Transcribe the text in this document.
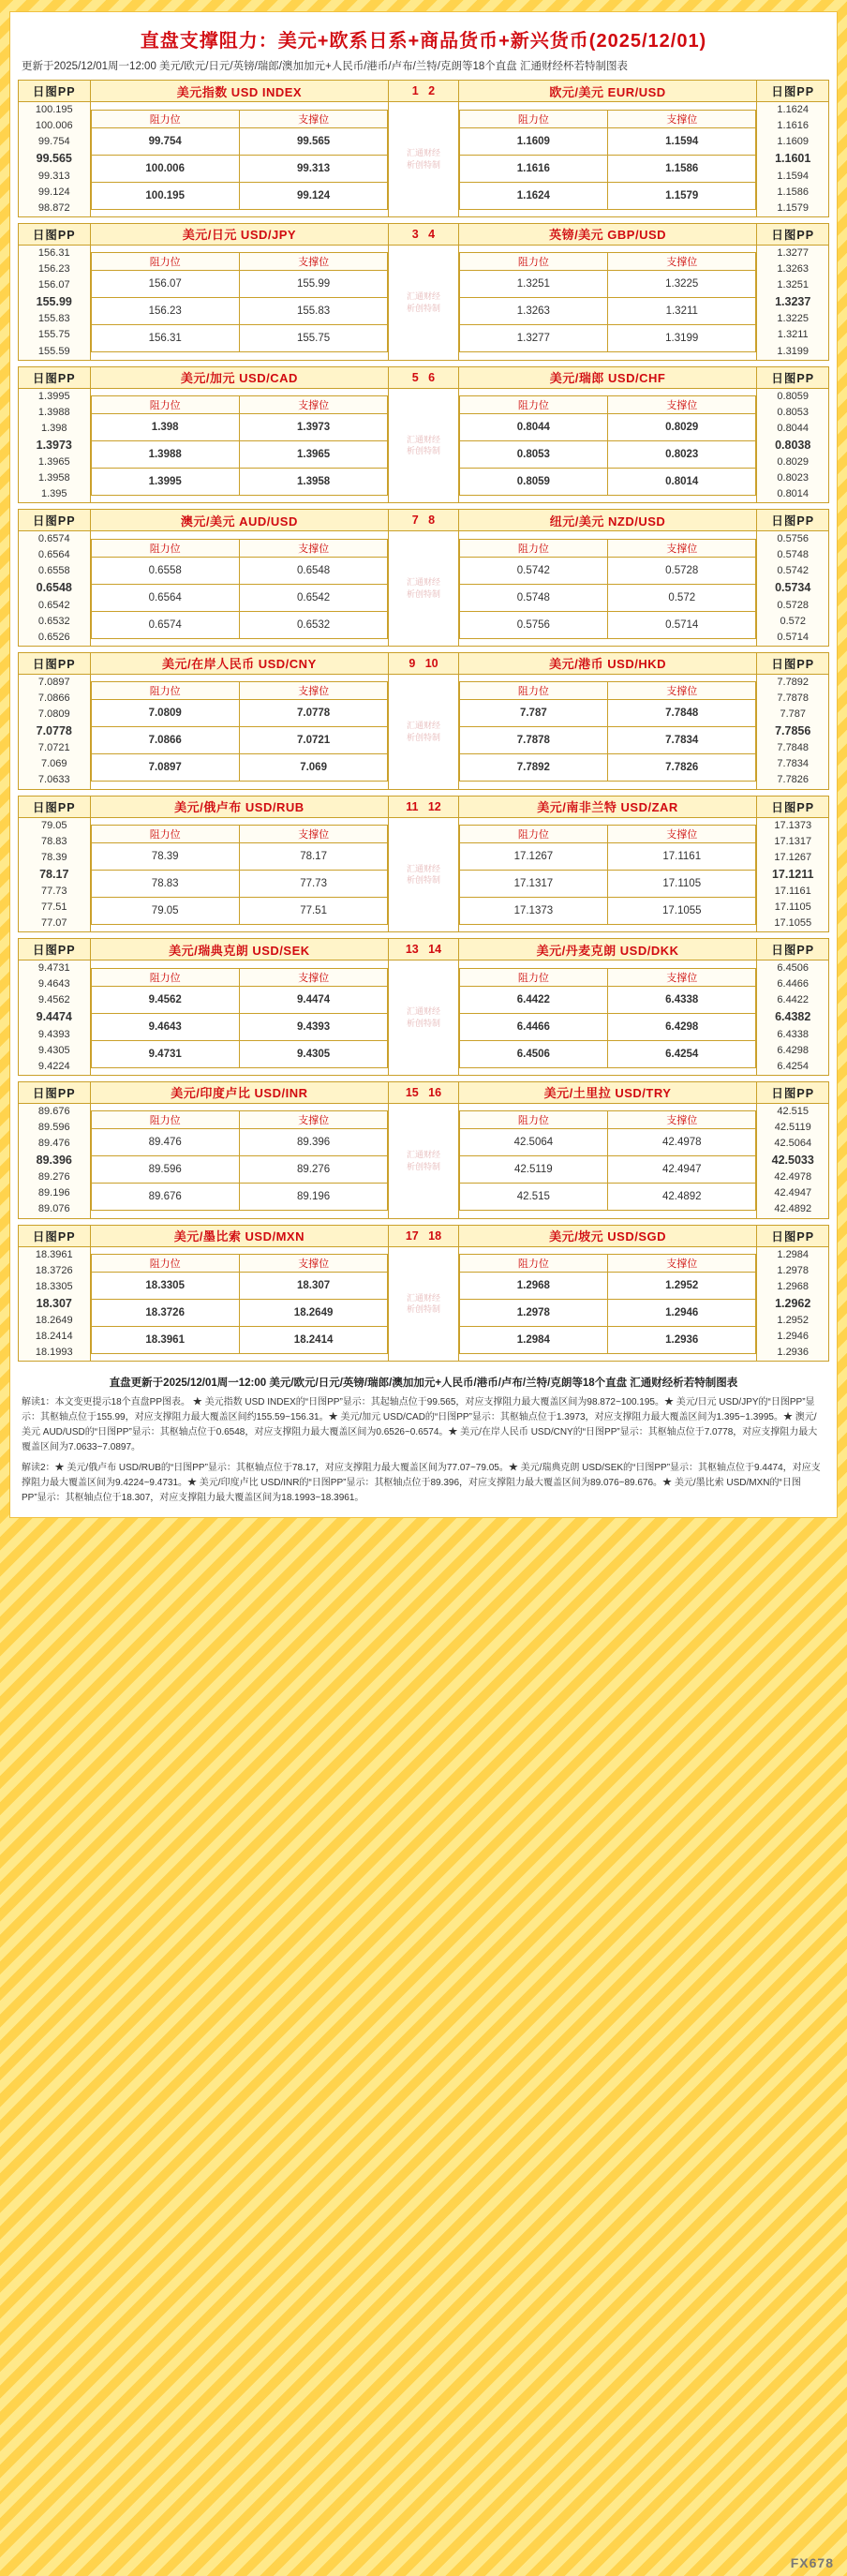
直盘支撑阻力：美元+欧系日系+商品货币+新兴货币(2025/12/01)
更新于2025/12/01周一12:00 美元/欧元/日元/英镑/瑞郎/澳加加元+人民币/港币/卢布/兰特/克朗等18个直盘 汇通财经杯若特制图表
日图PP	美元指数 USD INDEX	1   2	欧元/美元 EUR/USD	日图PP

100.195
100.006
99.754
99.565
99.313
99.124
98.872

阻力位	支撑位
99.754	99.565
100.006	99.313
100.195	99.124
	汇通财经
析创特制	
阻力位	支撑位
1.1609	1.1594
1.1616	1.1586
1.1624	1.1579

1.1624
1.1616
1.1609
1.1601
1.1594
1.1586
1.1579
日图PP	美元/日元 USD/JPY	3   4	英镑/美元 GBP/USD	日图PP

156.31
156.23
156.07
155.99
155.83
155.75
155.59

阻力位	支撑位
156.07	155.99
156.23	155.83
156.31	155.75
	汇通财经
析创特制	
阻力位	支撑位
1.3251	1.3225
1.3263	1.3211
1.3277	1.3199

1.3277
1.3263
1.3251
1.3237
1.3225
1.3211
1.3199
日图PP	美元/加元 USD/CAD	5   6	美元/瑞郎 USD/CHF	日图PP

1.3995
1.3988
1.398
1.3973
1.3965
1.3958
1.395

阻力位	支撑位
1.398	1.3973
1.3988	1.3965
1.3995	1.3958
	汇通财经
析创特制	
阻力位	支撑位
0.8044	0.8029
0.8053	0.8023
0.8059	0.8014

0.8059
0.8053
0.8044
0.8038
0.8029
0.8023
0.8014
日图PP	澳元/美元 AUD/USD	7   8	纽元/美元 NZD/USD	日图PP

0.6574
0.6564
0.6558
0.6548
0.6542
0.6532
0.6526

阻力位	支撑位
0.6558	0.6548
0.6564	0.6542
0.6574	0.6532
	汇通财经
析创特制	
阻力位	支撑位
0.5742	0.5728
0.5748	0.572
0.5756	0.5714

0.5756
0.5748
0.5742
0.5734
0.5728
0.572
0.5714
日图PP	美元/在岸人民币 USD/CNY	9   10	美元/港币 USD/HKD	日图PP

7.0897
7.0866
7.0809
7.0778
7.0721
7.069
7.0633

阻力位	支撑位
7.0809	7.0778
7.0866	7.0721
7.0897	7.069
	汇通财经
析创特制	
阻力位	支撑位
7.787	7.7848
7.7878	7.7834
7.7892	7.7826

7.7892
7.7878
7.787
7.7856
7.7848
7.7834
7.7826
日图PP	美元/俄卢布 USD/RUB	11   12	美元/南非兰特 USD/ZAR	日图PP

79.05
78.83
78.39
78.17
77.73
77.51
77.07

阻力位	支撑位
78.39	78.17
78.83	77.73
79.05	77.51
	汇通财经
析创特制	
阻力位	支撑位
17.1267	17.1161
17.1317	17.1105
17.1373	17.1055

17.1373
17.1317
17.1267
17.1211
17.1161
17.1105
17.1055
日图PP	美元/瑞典克朗 USD/SEK	13   14	美元/丹麦克朗 USD/DKK	日图PP

9.4731
9.4643
9.4562
9.4474
9.4393
9.4305
9.4224

阻力位	支撑位
9.4562	9.4474
9.4643	9.4393
9.4731	9.4305
	汇通财经
析创特制	
阻力位	支撑位
6.4422	6.4338
6.4466	6.4298
6.4506	6.4254

6.4506
6.4466
6.4422
6.4382
6.4338
6.4298
6.4254
日图PP	美元/印度卢比 USD/INR	15   16	美元/土里拉 USD/TRY	日图PP

89.676
89.596
89.476
89.396
89.276
89.196
89.076

阻力位	支撑位
89.476	89.396
89.596	89.276
89.676	89.196
	汇通财经
析创特制	
阻力位	支撑位
42.5064	42.4978
42.5119	42.4947
42.515	42.4892

42.515
42.5119
42.5064
42.5033
42.4978
42.4947
42.4892
日图PP	美元/墨比索 USD/MXN	17   18	美元/坡元 USD/SGD	日图PP

18.3961
18.3726
18.3305
18.307
18.2649
18.2414
18.1993

阻力位	支撑位
18.3305	18.307
18.3726	18.2649
18.3961	18.2414
	汇通财经
析创特制	
阻力位	支撑位
1.2968	1.2952
1.2978	1.2946
1.2984	1.2936

1.2984
1.2978
1.2968
1.2962
1.2952
1.2946
1.2936
直盘更新于2025/12/01周一12:00 美元/欧元/日元/英镑/瑞郎/澳加加元+人民币/港币/卢布/兰特/克朗等18个直盘 汇通财经析若特制图表
解读1：本文变更提示18个直盘PP图表。 ★ 美元指数 USD INDEX的“日图PP”显示：其起轴点位于99.565，对应支撑阻力最大覆盖区间为98.872~100.195。★ 美元/日元 USD/JPY的“日图PP”显示：其枢轴点位于155.99，对应支撑阻力最大覆盖区间约155.59~156.31。★ 美元/加元 USD/CAD的“日图PP”显示：其枢轴点位于1.3973，对应支撑阻力最大覆盖区间为1.395~1.3995。★ 澳元/美元 AUD/USD的“日图PP”显示：其枢轴点位于0.6548，对应支撑阻力最大覆盖区间为0.6526~0.6574。★ 美元/在岸人民币 USD/CNY的“日图PP”显示：其枢轴点位于7.0778，对应支撑阻力最大覆盖区间为7.0633~7.0897。
解读2：★ 美元/俄卢布 USD/RUB的“日图PP”显示：其枢轴点位于78.17，对应支撑阻力最大覆盖区间为77.07~79.05。★ 美元/瑞典克朗 USD/SEK的“日图PP”显示：其枢轴点位于9.4474，对应支撑阻力最大覆盖区间为9.4224~9.4731。★ 美元/印度卢比 USD/INR的“日图PP”显示：其枢轴点位于89.396，对应支撑阻力最大覆盖区间为89.076~89.676。★ 美元/墨比索 USD/MXN的“日图PP”显示：其枢轴点位于18.307，对应支撑阻力最大覆盖区间为18.1993~18.3961。
FX678
